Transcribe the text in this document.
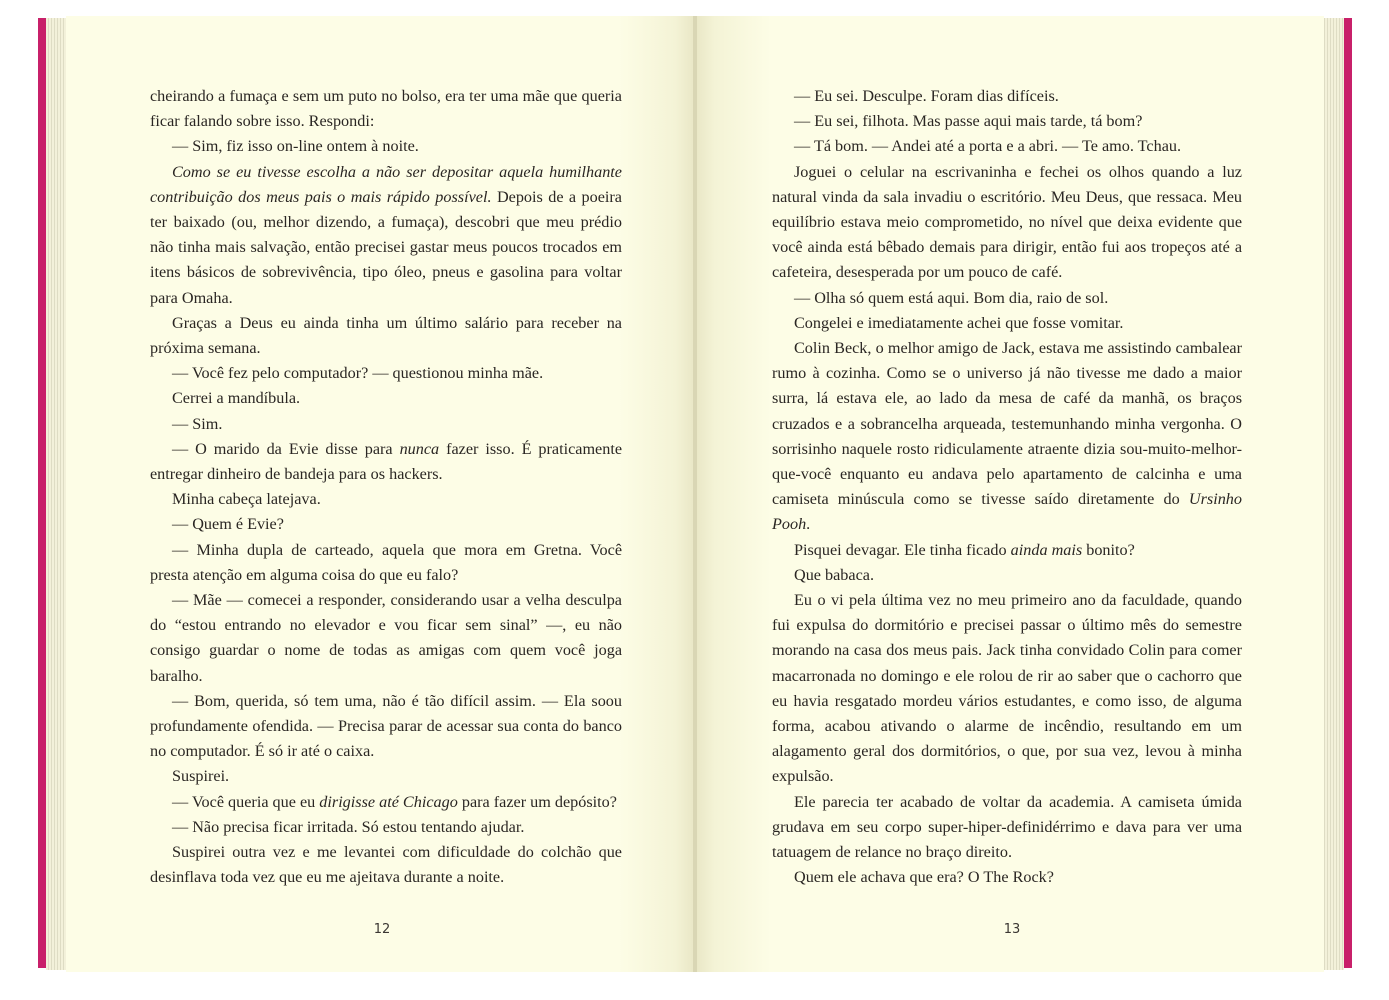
cheirando a fumaça e sem um puto no bolso, era ter uma mãe que queria ficar falando sobre isso. Respondi:

— Sim, fiz isso on-line ontem à noite.

Como se eu tivesse escolha a não ser depositar aquela humilhante contribuição dos meus pais o mais rápido possível. Depois de a poeira ter baixado (ou, melhor dizendo, a fumaça), descobri que meu prédio não tinha mais salvação, então precisei gastar meus poucos trocados em itens básicos de sobrevivência, tipo óleo, pneus e gasolina para voltar para Omaha.

Graças a Deus eu ainda tinha um último salário para receber na próxima semana.

— Você fez pelo computador? — questionou minha mãe.

Cerrei a mandíbula.

— Sim.

— O marido da Evie disse para nunca fazer isso. É praticamente entregar dinheiro de bandeja para os hackers.

Minha cabeça latejava.

— Quem é Evie?

— Minha dupla de carteado, aquela que mora em Gretna. Você presta atenção em alguma coisa do que eu falo?

— Mãe — comecei a responder, considerando usar a velha desculpa do “estou entrando no elevador e vou ficar sem sinal” —, eu não consigo guardar o nome de todas as amigas com quem você joga baralho.

— Bom, querida, só tem uma, não é tão difícil assim. — Ela soou profundamente ofendida. — Precisa parar de acessar sua conta do banco no computador. É só ir até o caixa.

Suspirei.

— Você queria que eu dirigisse até Chicago para fazer um depósito?

— Não precisa ficar irritada. Só estou tentando ajudar.

Suspirei outra vez e me levantei com dificuldade do colchão que desinflava toda vez que eu me ajeitava durante a noite.

12

— Eu sei. Desculpe. Foram dias difíceis.

— Eu sei, filhota. Mas passe aqui mais tarde, tá bom?

— Tá bom. — Andei até a porta e a abri. — Te amo. Tchau.

Joguei o celular na escrivaninha e fechei os olhos quando a luz natural vinda da sala invadiu o escritório. Meu Deus, que ressaca. Meu equilíbrio estava meio comprometido, no nível que deixa evidente que você ainda está bêbado demais para dirigir, então fui aos tropeços até a cafeteira, desesperada por um pouco de café.

— Olha só quem está aqui. Bom dia, raio de sol.

Congelei e imediatamente achei que fosse vomitar.

Colin Beck, o melhor amigo de Jack, estava me assistindo cambalear rumo à cozinha. Como se o universo já não tivesse me dado a maior surra, lá estava ele, ao lado da mesa de café da manhã, os braços cruzados e a sobrancelha arqueada, testemunhando minha vergonha. O sorrisinho naquele rosto ridiculamente atraente dizia sou-muito-melhor-que-você enquanto eu andava pelo apartamento de calcinha e uma camiseta minúscula como se tivesse saído diretamente do Ursinho Pooh.

Pisquei devagar. Ele tinha ficado ainda mais bonito?

Que babaca.

Eu o vi pela última vez no meu primeiro ano da faculdade, quando fui expulsa do dormitório e precisei passar o último mês do semestre morando na casa dos meus pais. Jack tinha convidado Colin para comer macarronada no domingo e ele rolou de rir ao saber que o cachorro que eu havia resgatado mordeu vários estudantes, e como isso, de alguma forma, acabou ativando o alarme de incêndio, resultando em um alagamento geral dos dormitórios, o que, por sua vez, levou à minha expulsão.

Ele parecia ter acabado de voltar da academia. A camiseta úmida grudava em seu corpo super-hiper-definidérrimo e dava para ver uma tatuagem de relance no braço direito.

Quem ele achava que era? O The Rock?

13
